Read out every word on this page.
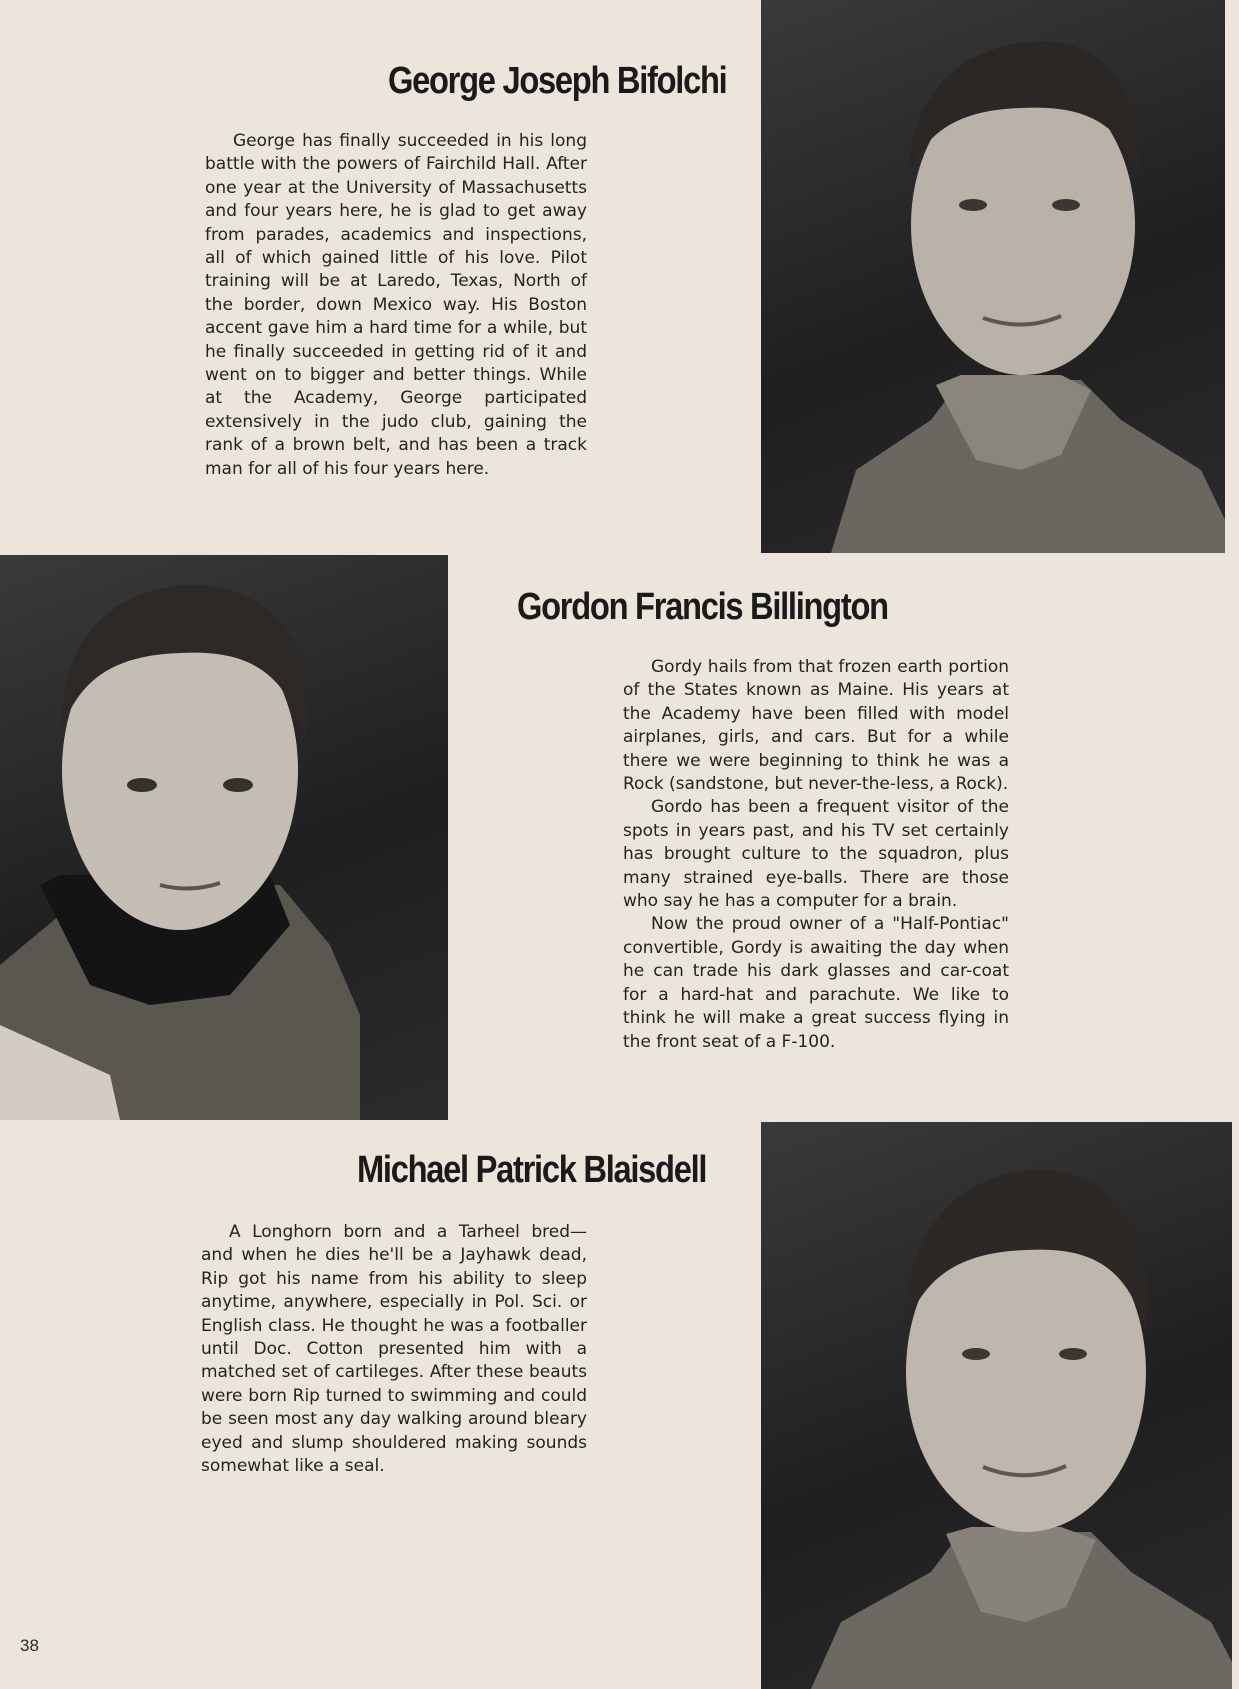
George Joseph Bifolchi

George has finally succeeded in his long battle with the powers of Fairchild Hall. After one year at the University of Massachusetts and four years here, he is glad to get away from parades, academics and inspections, all of which gained little of his love. Pilot training will be at Laredo, Texas, North of the border, down Mexico way. His Boston accent gave him a hard time for a while, but he finally succeeded in getting rid of it and went on to bigger and better things. While at the Academy, George participated extensively in the judo club, gaining the rank of a brown belt, and has been a track man for all of his four years here.

Gordon Francis Billington

Gordy hails from that frozen earth portion of the States known as Maine. His years at the Academy have been filled with model airplanes, girls, and cars. But for a while there we were beginning to think he was a Rock (sandstone, but never-the-less, a Rock).

Gordo has been a frequent visitor of the spots in years past, and his TV set certainly has brought culture to the squadron, plus many strained eye-balls. There are those who say he has a computer for a brain.

Now the proud owner of a "Half-Pontiac" convertible, Gordy is awaiting the day when he can trade his dark glasses and car-coat for a hard-hat and parachute. We like to think he will make a great success flying in the front seat of a F-100.

Michael Patrick Blaisdell

A Longhorn born and a Tarheel bred— and when he dies he'll be a Jayhawk dead, Rip got his name from his ability to sleep anytime, anywhere, especially in Pol. Sci. or English class. He thought he was a footballer until Doc. Cotton presented him with a matched set of cartileges. After these beauts were born Rip turned to swimming and could be seen most any day walking around bleary eyed and slump shouldered making sounds somewhat like a seal.

38
